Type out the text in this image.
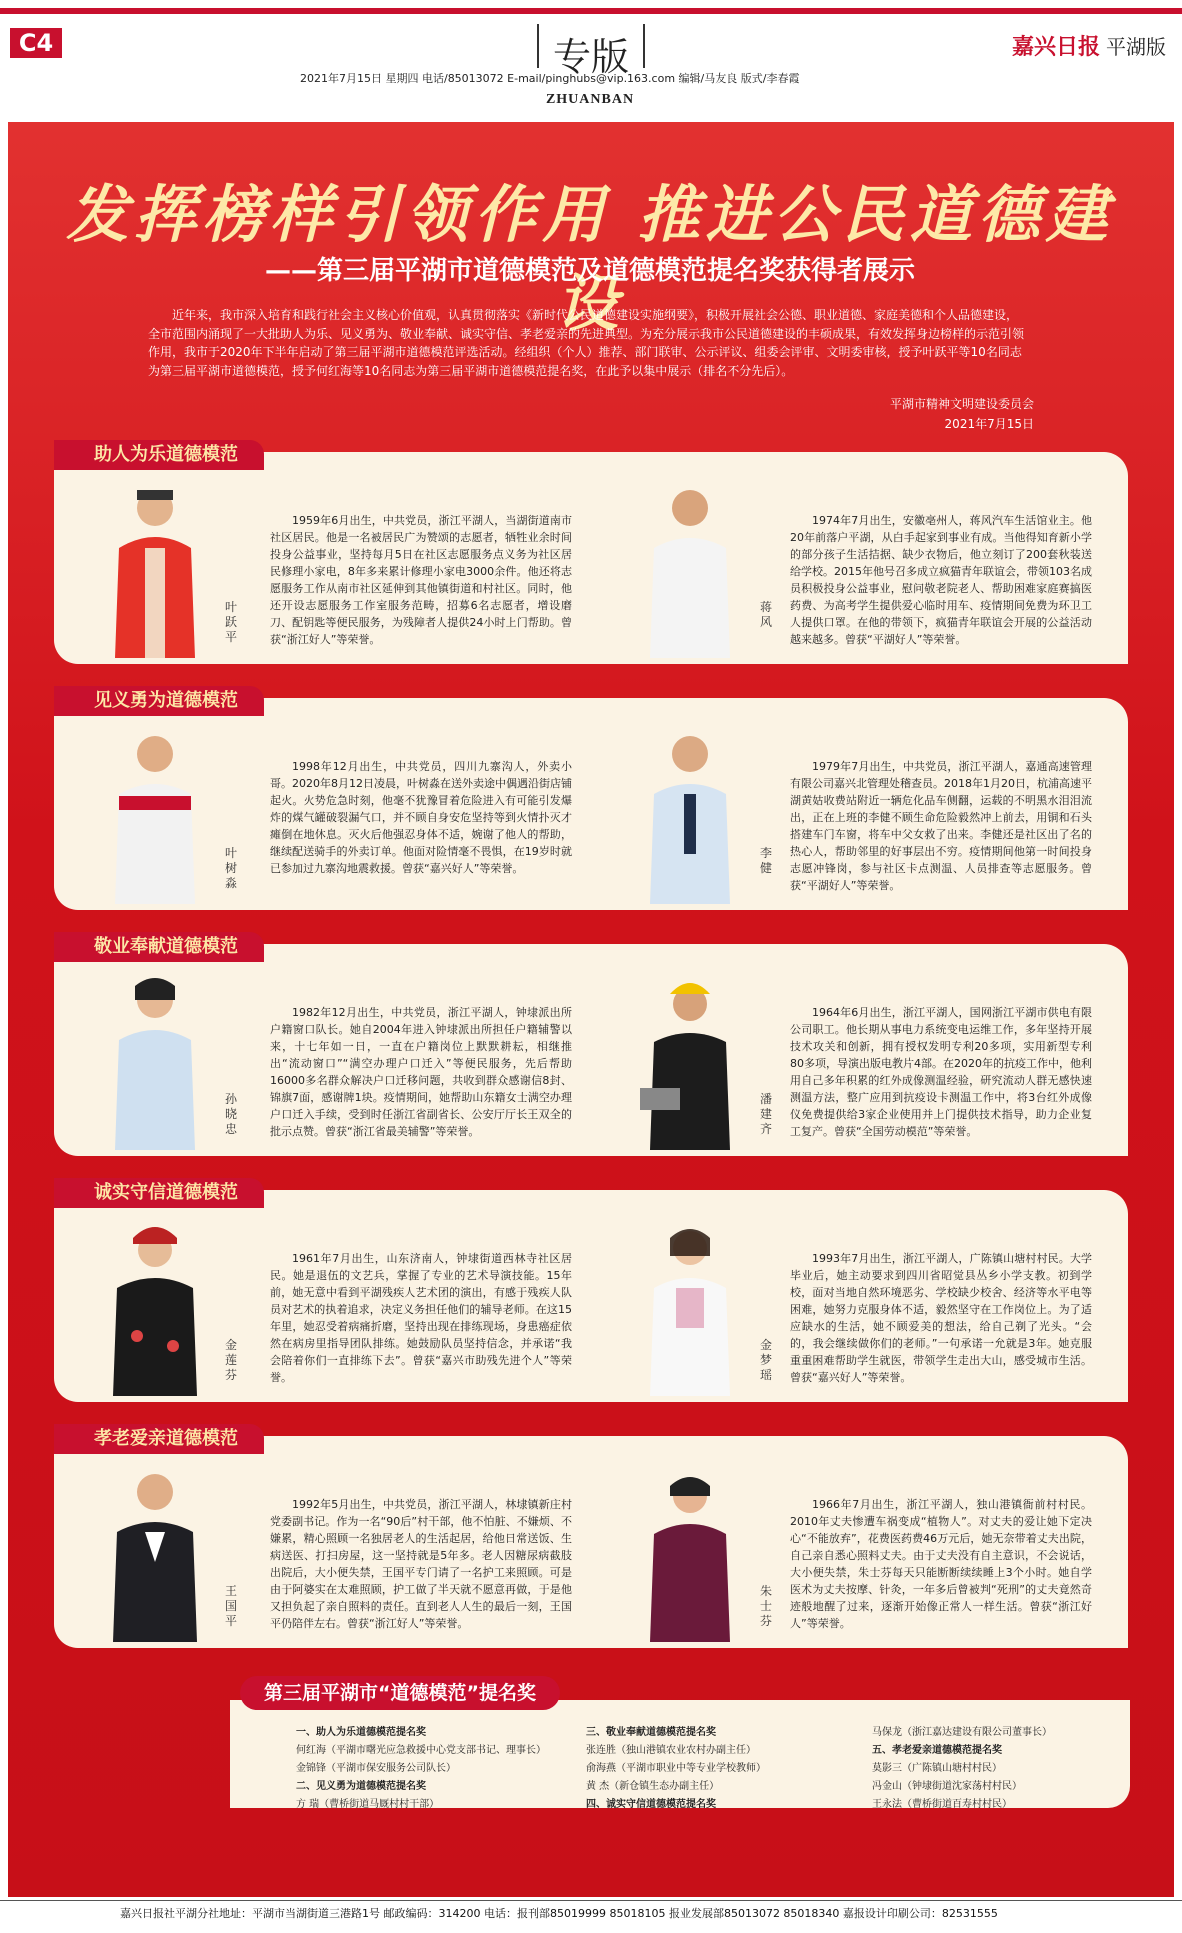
C4	专版
2021年7月15日 星期四 电话/85013072 E-mail/pinghubs@vip.163.com 编辑/马友良 版式/李春霞
ZHUANBAN
嘉兴日报 平湖版
发挥榜样引领作用 推进公民道德建设
——第三届平湖市道德模范及道德模范提名奖获得者展示
近年来，我市深入培育和践行社会主义核心价值观，认真贯彻落实《新时代公民道德建设实施纲要》，积极开展社会公德、职业道德、家庭美德和个人品德建设，全市范围内涌现了一大批助人为乐、见义勇为、敬业奉献、诚实守信、孝老爱亲的先进典型。为充分展示我市公民道德建设的丰硕成果，有效发挥身边榜样的示范引领作用，我市于2020年下半年启动了第三届平湖市道德模范评选活动。经组织（个人）推荐、部门联审、公示评议、组委会评审、文明委审核，授予叶跃平等10名同志为第三届平湖市道德模范，授予何红海等10名同志为第三届平湖市道德模范提名奖，在此予以集中展示（排名不分先后）。
平湖市精神文明建设委员会
2021年7月15日
助人为乐道德模范
叶跃平
1959年6月出生，中共党员，浙江平湖人，当湖街道南市社区居民。他是一名被居民广为赞颂的志愿者，牺牲业余时间投身公益事业，坚持每月5日在社区志愿服务点义务为社区居民修理小家电，8年多来累计修理小家电3000余件。他还将志愿服务工作从南市社区延伸到其他镇街道和村社区。同时，他还开设志愿服务工作室服务范畴，招募6名志愿者，增设磨刀、配钥匙等便民服务，为残障者人提供24小时上门帮助。曾获“浙江好人”等荣誉。
蒋风
1974年7月出生，安徽亳州人，蒋风汽车生活馆业主。他20年前落户平湖，从白手起家到事业有成。当他得知育新小学的部分孩子生活拮据、缺少衣物后，他立刻订了200套秋装送给学校。2015年他号召多成立疯猫青年联谊会，带领103名成员积极投身公益事业，慰问敬老院老人、帮助困难家庭赛搞医药费、为高考学生提供爱心临时用车、疫情期间免费为环卫工人提供口罩。在他的带领下，疯猫青年联谊会开展的公益活动越来越多。曾获“平湖好人”等荣誉。
见义勇为道德模范
叶树淼
1998年12月出生，中共党员，四川九寨沟人，外卖小哥。2020年8月12日凌晨，叶树淼在送外卖途中偶遇沿街店铺起火。火势危急时刻，他毫不犹豫冒着危险进入有可能引发爆炸的煤气罐破裂漏气口，并不顾自身安危坚持等到火情扑灭才瘫倒在地休息。灭火后他强忍身体不适，婉谢了他人的帮助，继续配送骑手的外卖订单。他面对险情毫不畏惧，在19岁时就已参加过九寨沟地震救援。曾获“嘉兴好人”等荣誉。
李健
1979年7月出生，中共党员，浙江平湖人，嘉通高速管理有限公司嘉兴北管理处稽查员。2018年1月20日，杭浦高速平湖黄姑收费站附近一辆危化品车侧翻，运载的不明黑水泪泪流出，正在上班的李健不顾生命危险毅然冲上前去，用铜和石头搭建车门车窗，将车中父女救了出来。李健还是社区出了名的热心人，帮助邻里的好事层出不穷。疫情期间他第一时间投身志愿冲锋岗，参与社区卡点测温、人员排查等志愿服务。曾获“平湖好人”等荣誉。
敬业奉献道德模范
孙晓忠
1982年12月出生，中共党员，浙江平湖人，钟埭派出所户籍窗口队长。她自2004年进入钟埭派出所担任户籍辅警以来，十七年如一日，一直在户籍岗位上默默耕耘，相继推出“流动窗口”“满空办理户口迁入”等便民服务，先后帮助16000多名群众解决户口迁移问题，共收到群众感谢信8封、锦旗7面，感谢牌1块。疫情期间，她帮助山东籍女士满空办理户口迁入手续，受到时任浙江省副省长、公安厅厅长王双全的批示点赞。曾获“浙江省最美辅警”等荣誉。
潘建齐
1964年6月出生，浙江平湖人，国网浙江平湖市供电有限公司职工。他长期从事电力系统变电运维工作，多年坚持开展技术攻关和创新，拥有授权发明专利20多项，实用新型专利80多项，导演出版电教片4部。在2020年的抗疫工作中，他利用自己多年积累的红外成像测温经验，研究流动人群无感快速测温方法，整广应用到抗疫设卡测温工作中，将3台红外成像仪免费提供给3家企业使用并上门提供技术指导，助力企业复工复产。曾获“全国劳动模范”等荣誉。
诚实守信道德模范
金莲芬
1961年7月出生，山东济南人，钟埭街道西林寺社区居民。她是退伍的文艺兵，掌握了专业的艺术导演技能。15年前，她无意中看到平湖残疾人艺术团的演出，有感于残疾人队员对艺术的执着追求，决定义务担任他们的辅导老师。在这15年里，她忍受着病痛折磨，坚持出现在排练现场，身患癌症依然在病房里指导团队排练。她鼓励队员坚持信念，并承诺“我会陪着你们一直排练下去”。曾获“嘉兴市助残先进个人”等荣誉。
金梦瑶
1993年7月出生，浙江平湖人，广陈镇山塘村村民。大学毕业后，她主动要求到四川省昭觉县丛乡小学支教。初到学校，面对当地自然环境恶劣、学校缺少校舍、经济等水平电等困难，她努力克服身体不适，毅然坚守在工作岗位上。为了适应缺水的生活，她不顾爱美的想法，给自己剃了光头。“会的，我会继续做你们的老师。”一句承诺一允就是3年。她克服重重困难帮助学生就医，带领学生走出大山，感受城市生活。曾获“嘉兴好人”等荣誉。
孝老爱亲道德模范
王国平
1992年5月出生，中共党员，浙江平湖人，林埭镇新庄村党委副书记。作为一名“90后”村干部，他不怕脏、不嫌烦、不嫌累，精心照顾一名独居老人的生活起居，给他日常送饭、生病送医、打扫房屋，这一坚持就是5年多。老人因糖尿病截肢出院后，大小便失禁，王国平专门请了一名护工来照顾。可是由于阿婆实在太难照顾，护工做了半天就不愿意再做，于是他又担负起了亲自照料的责任。直到老人人生的最后一刻，王国平仍陪伴左右。曾获“浙江好人”等荣誉。
朱士芬
1966年7月出生，浙江平湖人，独山港镇衙前村村民。2010年丈夫惨遭车祸变成“植物人”。对丈夫的爱让她下定决心“不能放弃”，花费医药费46万元后，她无奈带着丈夫出院，自己亲自悉心照料丈夫。由于丈夫没有自主意识，不会说话，大小便失禁，朱士芬每天只能断断续续睡上3个小时。她自学医术为丈夫按摩、针灸，一年多后曾被判“死刑”的丈夫竟然奇迹般地醒了过来，逐渐开始像正常人一样生活。曾获“浙江好人”等荣誉。
第三届平湖市“道德模范”提名奖
一、助人为乐道德模范提名奖
何红海（平湖市曙光应急救援中心党支部书记、理事长）
金锦锋（平湖市保安服务公司队长）
二、见义勇为道德模范提名奖
方 瑞（曹桥街道马厩村村干部）
三、敬业奉献道德模范提名奖
张连胜（独山港镇农业农村办副主任）
俞海燕（平湖市职业中等专业学校教师）
黄 杰（新仓镇生态办副主任）
四、诚实守信道德模范提名奖
马保龙（浙江嘉达建设有限公司董事长）
五、孝老爱亲道德模范提名奖
莫影三（广陈镇山塘村村民）
冯金山（钟埭街道沈家荡村村民）
王永法（曹桥街道百寿村村民）
嘉兴日报社平湖分社地址：平湖市当湖街道三港路1号 邮政编码：314200 电话：报刊部85019999 85018105 报业发展部85013072 85018340 嘉报设计印刷公司：82531555
